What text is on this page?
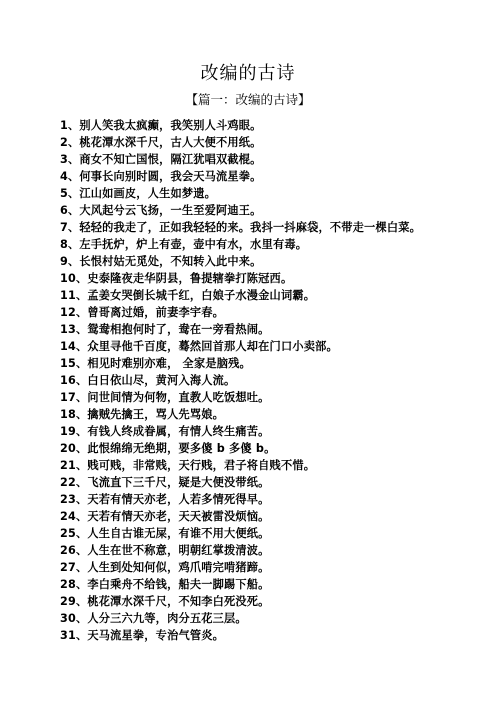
改编的古诗

【篇一：改编的古诗】

1、别人笑我太疯癫，我笑别人斗鸡眼。

2、桃花潭水深千尺，古人大便不用纸。

3、商女不知亡国恨，隔江犹唱双截棍。

4、何事长向别时圆，我会天马流星拳。

5、江山如画皮，人生如梦遗。

6、大风起兮云飞扬，一生至爱阿迪王。

7、轻轻的我走了，正如我轻轻的来。我抖一抖麻袋，不带走一棵白菜。

8、左手抚炉，炉上有壶，壶中有水，水里有毒。

9、长恨村姑无觅处，不知转入此中来。

10、史泰隆夜走华阴县，鲁提辖拳打陈冠西。

11、孟姜女哭倒长城千红，白娘子水漫金山词霸。

12、曾哥离过婚，前妻李宇春。

13、鸳鸯相抱何时了，鸯在一旁看热闹。

14、众里寻他千百度，蓦然回首那人却在门口小卖部。

15、相见时难别亦难， 全家是脑残。

16、白日依山尽，黄河入海人流。

17、问世间情为何物，直教人吃饭想吐。

18、擒贼先擒王，骂人先骂娘。

19、有钱人终成眷属，有情人终生痛苦。

20、此恨绵绵无绝期，要多傻 b 多傻 b。

21、贱可贱，非常贱，天行贱，君子将自贱不惜。

22、飞流直下三千尺，疑是大便没带纸。

23、天若有情天亦老，人若多情死得早。

24、天若有情天亦老，天天被雷没烦恼。

25、人生自古谁无屎，有谁不用大便纸。

26、人生在世不称意，明朝红掌拨清波。

27、人生到处知何似，鸡爪啃完啃猪蹄。

28、李白乘舟不给钱，船夫一脚踢下船。

29、桃花潭水深千尺，不知李白死没死。

30、人分三六九等，肉分五花三层。

31、天马流星拳，专治气管炎。
